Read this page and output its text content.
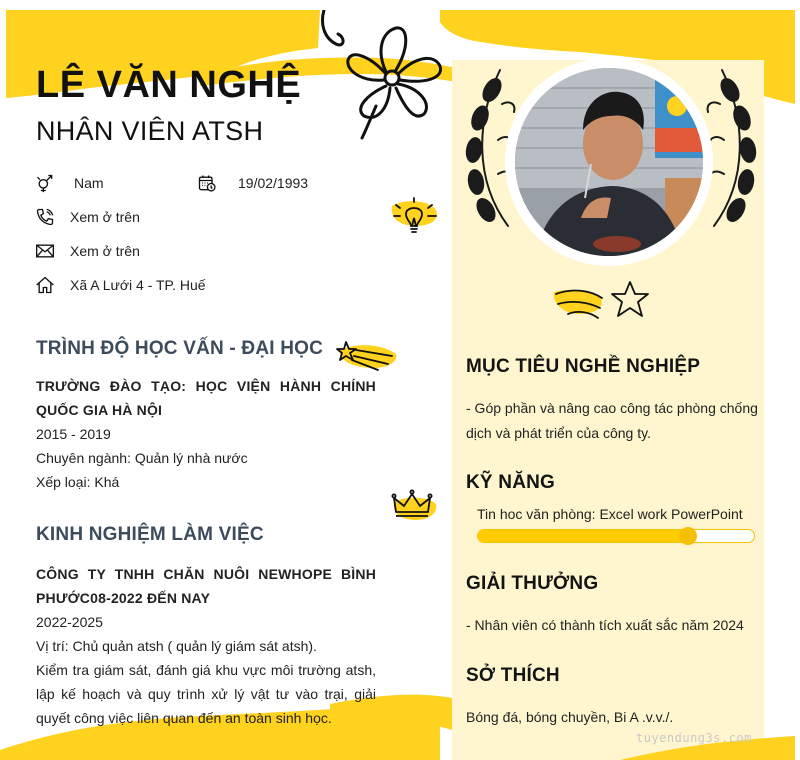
LÊ VĂN NGHỆ
NHÂN VIÊN ATSH
Nam	19/02/1993
Xem ở trên
Xem ở trên
Xã A Lưới 4 - TP. Huế
TRÌNH ĐỘ HỌC VẤN - ĐẠI HỌC
TRƯỜNG ĐÀO TẠO: HỌC VIỆN HÀNH CHÍNH QUỐC GIA HÀ NỘI
2015 - 2019
Chuyên ngành: Quản lý nhà nước
Xếp loại: Khá
KINH NGHIỆM LÀM VIỆC
CÔNG TY TNHH CHĂN NUÔI NEWHOPE BÌNH PHƯỚC08-2022 ĐẾN NAY
2022-2025
Vị trí: Chủ quản atsh ( quản lý giám sát atsh).
Kiểm tra giám sát, đánh giá khu vực môi trường atsh, lập kế hoạch và quy trình xử lý vật tư vào trại, giải quyết công việc liên quan đến an toàn sinh học.
MỤC TIÊU NGHỀ NGHIỆP
- Góp phần và nâng cao công tác phòng chống dịch và phát triển của công ty.
KỸ NĂNG
Tin hoc văn phòng: Excel work PowerPoint
GIẢI THƯỞNG
- Nhân viên có thành tích xuất sắc năm 2024
SỞ THÍCH
Bóng đá, bóng chuyền, Bi A .v.v./.
tuyendung3s.com
